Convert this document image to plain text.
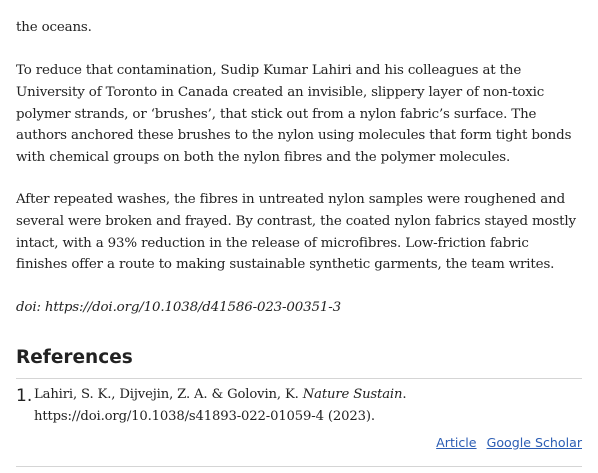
the oceans.

To reduce that contamination, Sudip Kumar Lahiri and his colleagues at the University of Toronto in Canada created an invisible, slippery layer of non-toxic polymer strands, or ‘brushes’, that stick out from a nylon fabric’s surface. The authors anchored these brushes to the nylon using molecules that form tight bonds with chemical groups on both the nylon fibres and the polymer molecules.

After repeated washes, the fibres in untreated nylon samples were roughened and several were broken and frayed. By contrast, the coated nylon fabrics stayed mostly intact, with a 93% reduction in the release of microfibres. Low-friction fabric finishes offer a route to making sustainable synthetic garments, the team writes.

doi: https://doi.org/10.1038/d41586-023-00351-3

References
1. Lahiri, S. K., Dijvejin, Z. A. & Golovin, K. Nature Sustain. https://doi.org/10.1038/s41893-022-01059-4 (2023).

Article Google Scholar
